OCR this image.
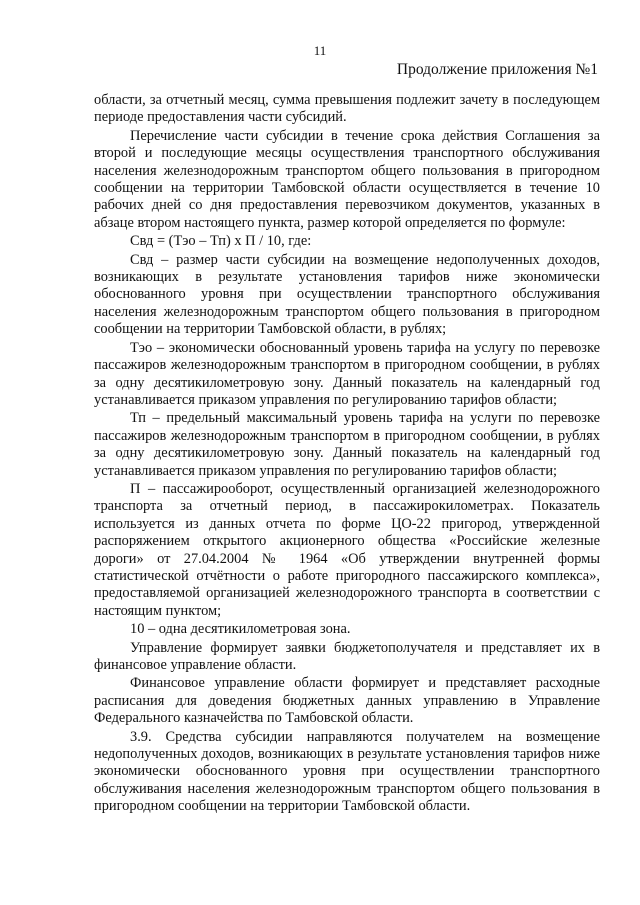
11
Продолжение приложения №1

области, за отчетный месяц, сумма превышения подлежит зачету в последующем периоде предоставления части субсидий.

Перечисление части субсидии в течение срока действия Соглашения за второй и последующие месяцы осуществления транспортного обслуживания населения железнодорожным транспортом общего пользования в пригородном сообщении на территории Тамбовской области осуществляется в течение 10 рабочих дней со дня предоставления перевозчиком документов, указанных в абзаце втором настоящего пункта, размер которой определяется по формуле:

Свд = (Тэо – Тп) х П / 10, где:

Свд – размер части субсидии на возмещение недополученных доходов, возникающих в результате установления тарифов ниже экономически обоснованного уровня при осуществлении транспортного обслуживания населения железнодорожным транспортом общего пользования в пригородном сообщении на территории Тамбовской области, в рублях;

Тэо – экономически обоснованный уровень тарифа на услугу по перевозке пассажиров железнодорожным транспортом в пригородном сообщении, в рублях за одну десятикилометровую зону. Данный показатель на календарный год устанавливается приказом управления по регулированию тарифов области;

Тп – предельный максимальный уровень тарифа на услуги по перевозке пассажиров железнодорожным транспортом в пригородном сообщении, в рублях за одну десятикилометровую зону. Данный показатель на календарный год устанавливается приказом управления по регулированию тарифов области;

П – пассажирооборот, осуществленный организацией железнодорожного транспорта за отчетный период, в пассажирокилометрах. Показатель используется из данных отчета по форме ЦО-22 пригород, утвержденной распоряжением открытого акционерного общества «Российские железные дороги» от 27.04.2004 № 1964 «Об утверждении внутренней формы статистической отчётности о работе пригородного пассажирского комплекса», предоставляемой организацией железнодорожного транспорта в соответствии с настоящим пунктом;

10 – одна десятикилометровая зона.

Управление формирует заявки бюджетополучателя и представляет их в финансовое управление области.

Финансовое управление области формирует и представляет расходные расписания для доведения бюджетных данных управлению в Управление Федерального казначейства по Тамбовской области.

3.9. Средства субсидии направляются получателем на возмещение недополученных доходов, возникающих в результате установления тарифов ниже экономически обоснованного уровня при осуществлении транспортного обслуживания населения железнодорожным транспортом общего пользования в пригородном сообщении на территории Тамбовской области.
